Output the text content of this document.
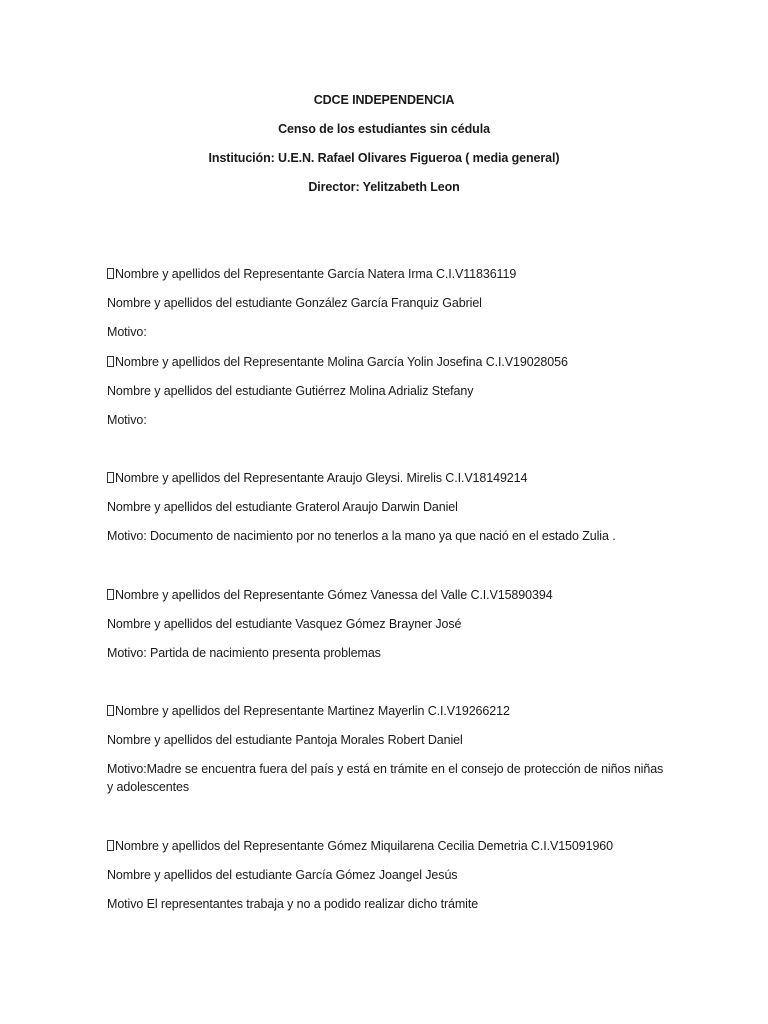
CDCE INDEPENDENCIA
Censo de los estudiantes sin cédula
Institución: U.E.N. Rafael Olivares Figueroa ( media general)
Director: Yelitzabeth Leon
Nombre y apellidos del Representante García Natera Irma C.I.V11836119
Nombre y apellidos del estudiante González García Franquiz Gabriel
Motivo:
Nombre y apellidos del Representante Molina García Yolin Josefina C.I.V19028056
Nombre y apellidos del estudiante Gutiérrez Molina Adrializ Stefany
Motivo:
Nombre y apellidos del Representante Araujo Gleysi. Mirelis C.I.V18149214
Nombre y apellidos del estudiante Graterol Araujo Darwin Daniel
Motivo: Documento de nacimiento por no tenerlos a la mano ya que nació en el estado Zulia .
Nombre y apellidos del Representante Gómez Vanessa del Valle C.I.V15890394
Nombre y apellidos del estudiante Vasquez Gómez Brayner José
Motivo: Partida de nacimiento presenta problemas
Nombre y apellidos del Representante Martinez Mayerlin C.I.V19266212
Nombre y apellidos del estudiante Pantoja Morales Robert Daniel
Motivo:Madre se encuentra fuera del país y está en trámite en el consejo de protección de niños niñas y adolescentes
Nombre y apellidos del Representante Gómez Miquilarena Cecilia Demetria C.I.V15091960
Nombre y apellidos del estudiante García Gómez Joangel Jesús
Motivo El representantes trabaja y no a podido realizar dicho trámite
